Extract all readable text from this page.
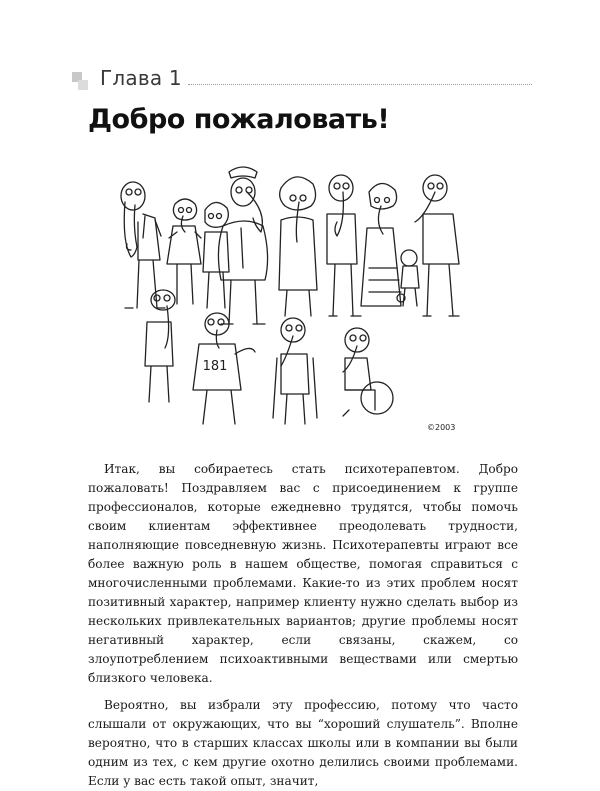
Глава 1
Добро пожаловать!
181
©2003

Итак, вы собираетесь стать психотерапевтом. Добро пожаловать! Поздравляем вас с присоединением к группе профессионалов, которые ежедневно трудятся, чтобы помочь своим клиентам эффективнее преодолевать трудности, наполняющие повседневную жизнь. Психотерапевты играют все более важную роль в нашем обществе, помогая справиться с многочисленными проблемами. Какие-то из этих проблем носят позитивный характер, например клиенту нужно сделать выбор из нескольких привлекательных вариантов; другие проблемы носят негативный характер, если связаны, скажем, со злоупотреблением психоактивными веществами или смертью близкого человека.

Вероятно, вы избрали эту профессию, потому что часто слышали от окружающих, что вы “хороший слушатель”. Вполне вероятно, что в старших классах школы или в компании вы были одним из тех, с кем другие охотно делились своими проблемами. Если у вас есть такой опыт, значит,
